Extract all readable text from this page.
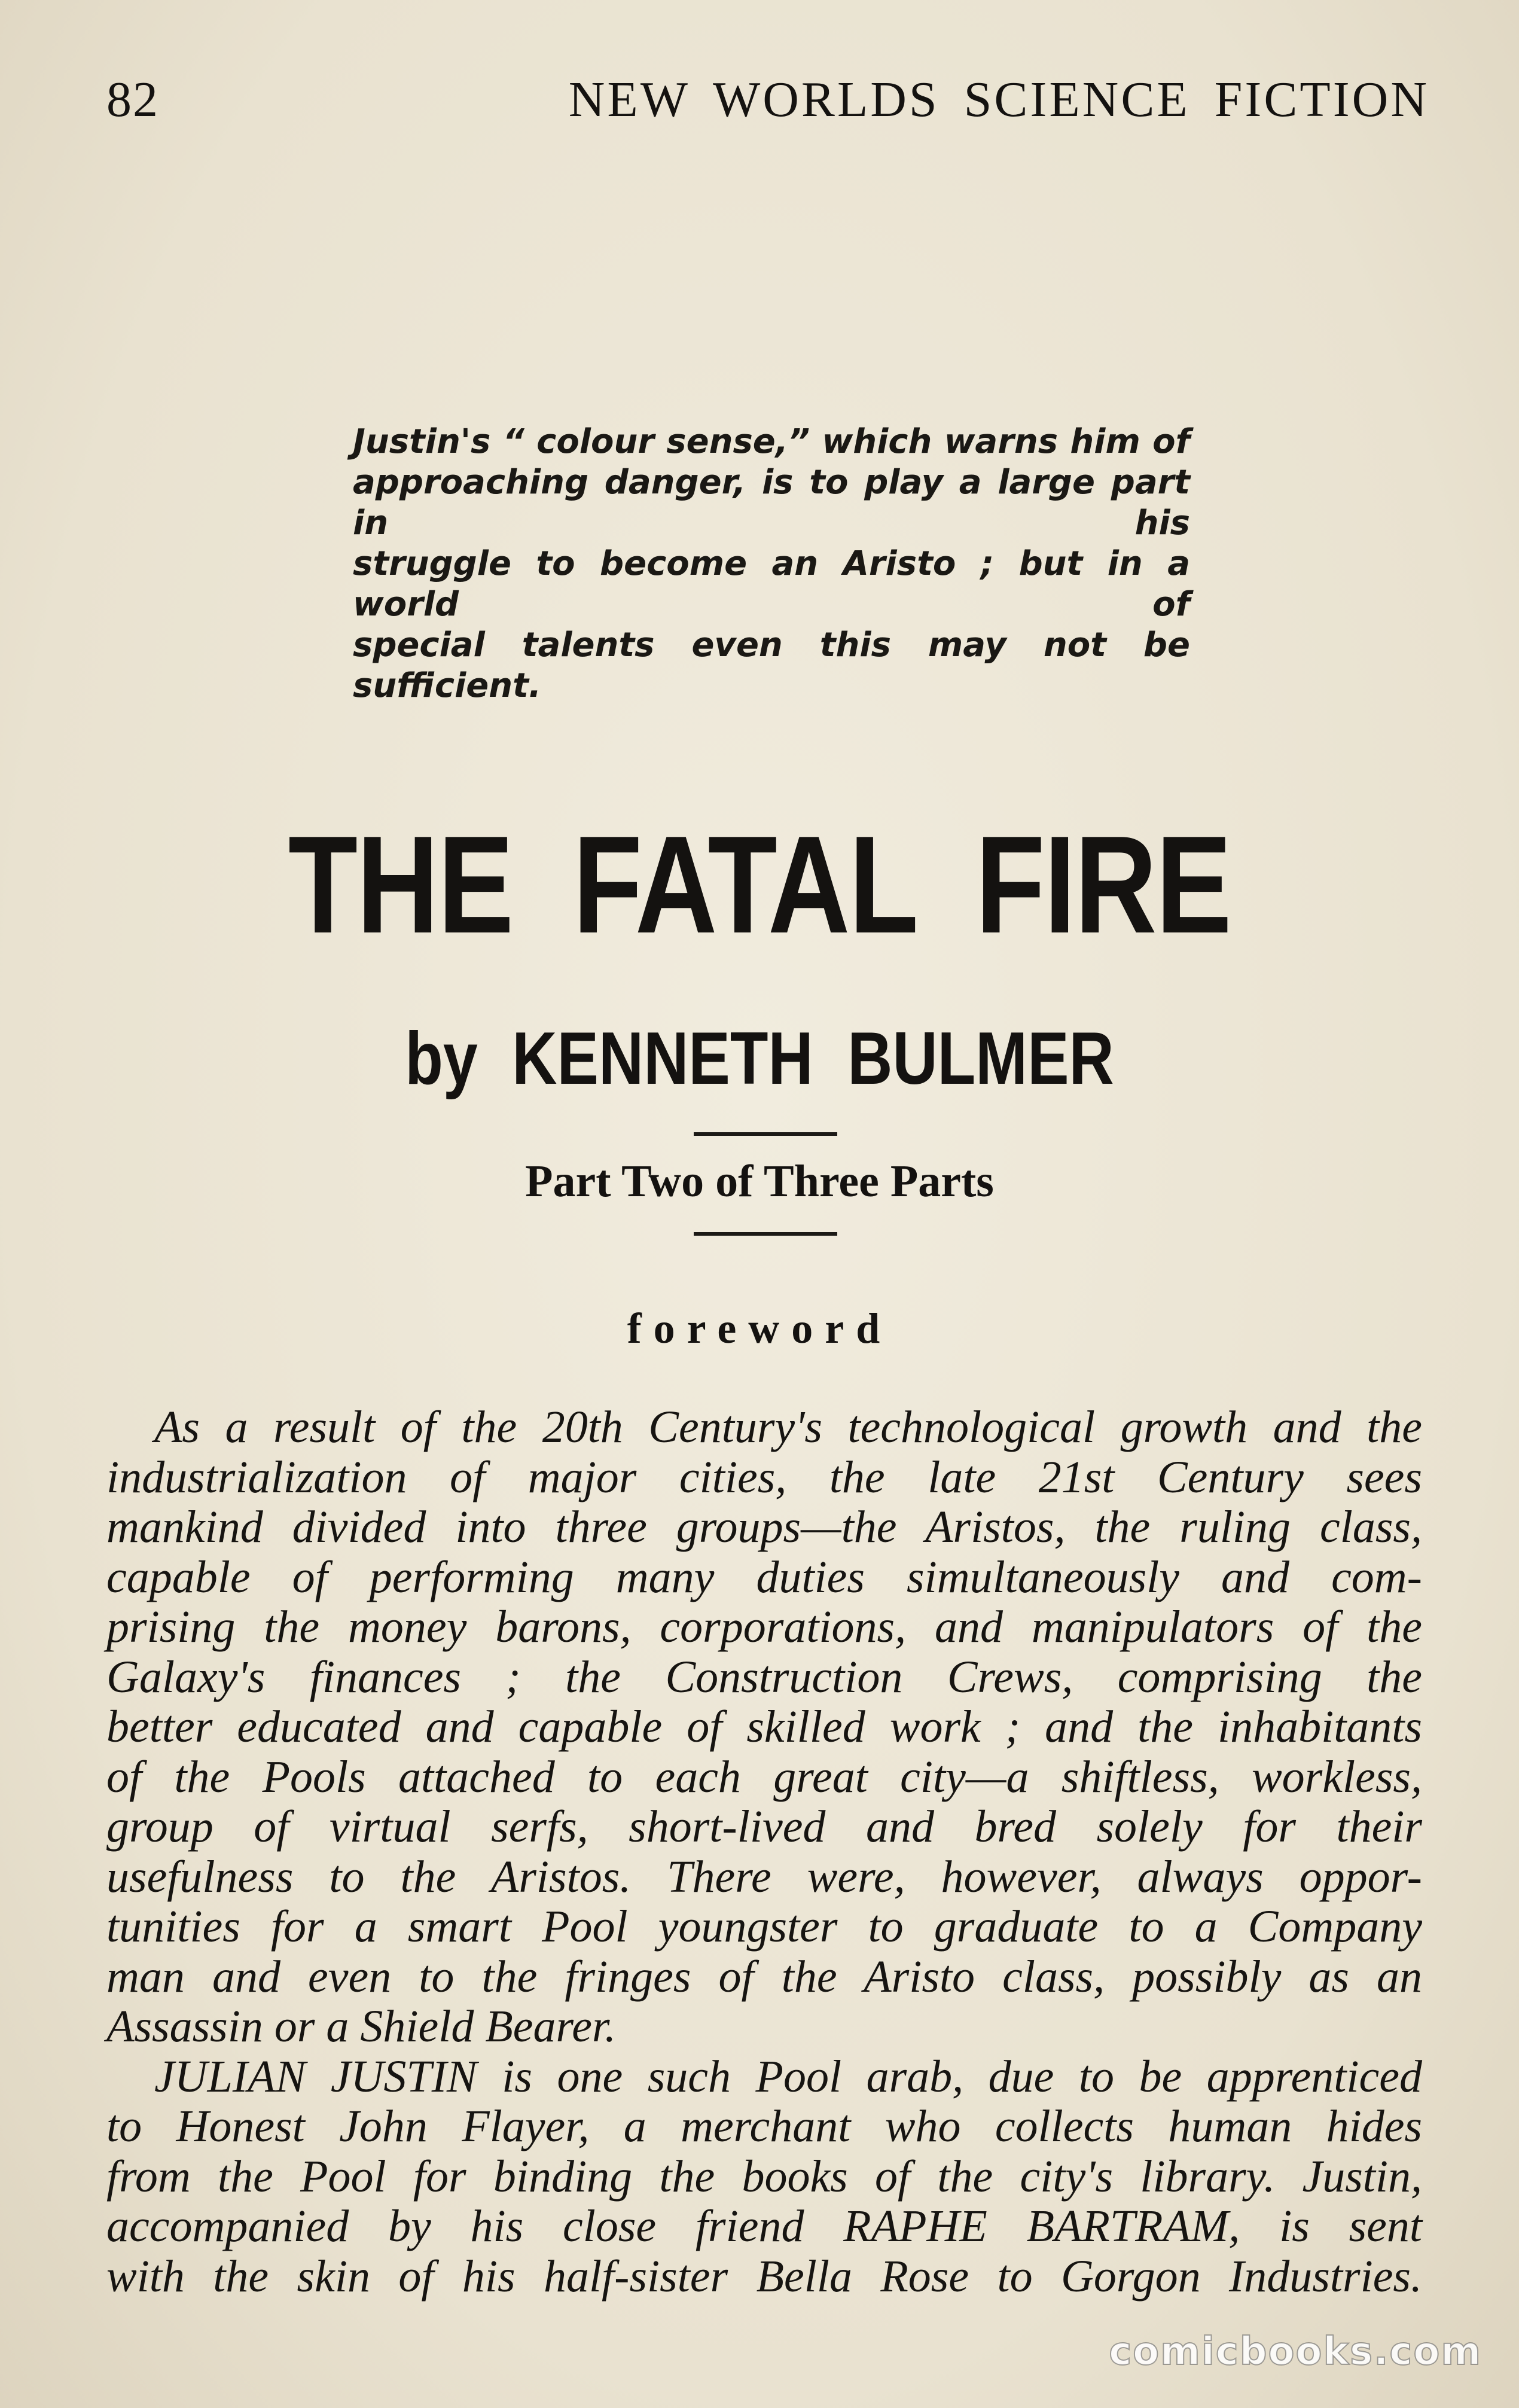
82	NEW WORLDS SCIENCE FICTION
Justin's “ colour sense,” which warns him of
approaching danger, is to play a large part in his
struggle to become an Aristo ; but in a world of
special talents even this may not be sufficient.
THE FATAL FIRE
by KENNETH BULMER
Part Two of Three Parts
foreword
As a result of the 20th Century's technological growth and the
industrialization of major cities, the late 21st Century sees
mankind divided into three groups—the Aristos, the ruling class,
capable of performing many duties simultaneously and com-
prising the money barons, corporations, and manipulators of the
Galaxy's finances ; the Construction Crews, comprising the
better educated and capable of skilled work ; and the inhabitants
of the Pools attached to each great city—a shiftless, workless,
group of virtual serfs, short-lived and bred solely for their
usefulness to the Aristos. There were, however, always oppor-
tunities for a smart Pool youngster to graduate to a Company
man and even to the fringes of the Aristo class, possibly as an
Assassin or a Shield Bearer.
JULIAN JUSTIN is one such Pool arab, due to be apprenticed
to Honest John Flayer, a merchant who collects human hides
from the Pool for binding the books of the city's library. Justin,
accompanied by his close friend RAPHE BARTRAM, is sent
with the skin of his half-sister Bella Rose to Gorgon Industries.
comicbooks.com
